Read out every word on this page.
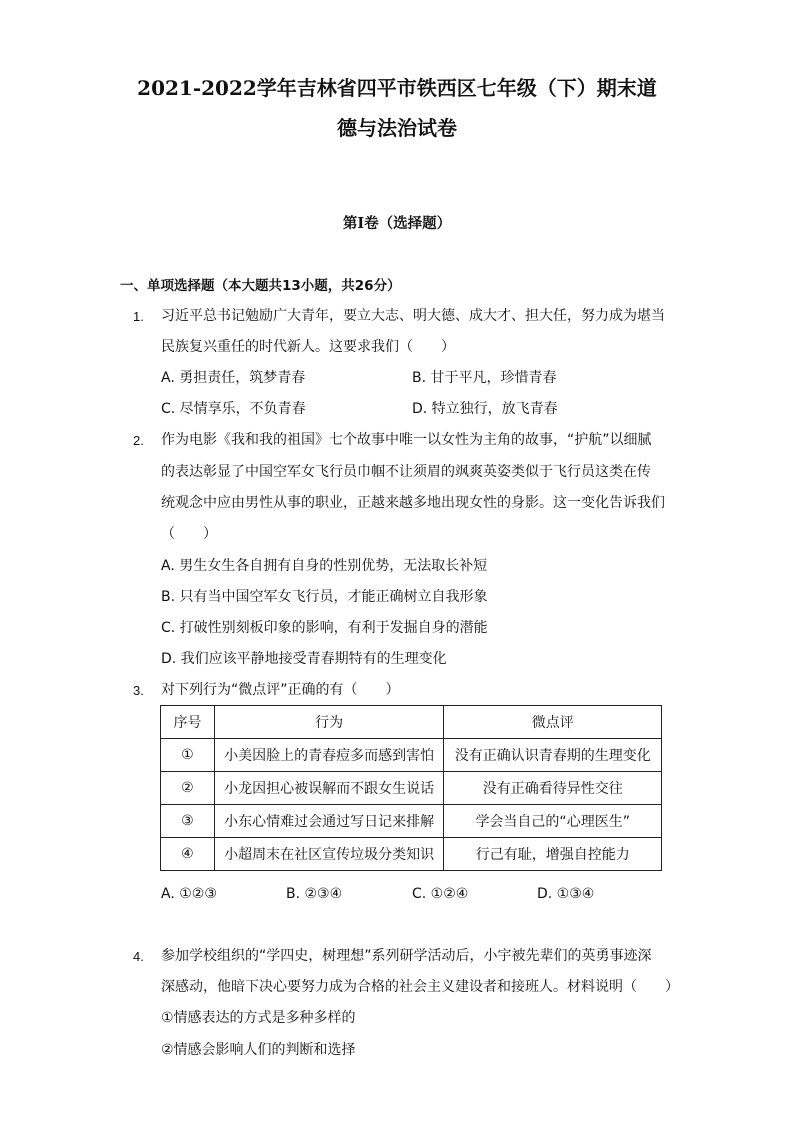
2021-2022学年吉林省四平市铁西区七年级（下）期末道
德与法治试卷
第I卷（选择题）
一、单项选择题（本大题共13小题，共26分）
1. 习近平总书记勉励广大青年，要立大志、明大德、成大才、担大任，努力成为堪当
民族复兴重任的时代新人。这要求我们（　　）
A. 勇担责任，筑梦青春	B. 甘于平凡，珍惜青春
C. 尽情享乐，不负青春	D. 特立独行，放飞青春
2. 作为电影《我和我的祖国》七个故事中唯一以女性为主角的故事，“护航”以细腻
的表达彰显了中国空军女飞行员巾帼不让须眉的飒爽英姿类似于飞行员这类在传
统观念中应由男性从事的职业，正越来越多地出现女性的身影。这一变化告诉我们
（　　）
A. 男生女生各自拥有自身的性别优势，无法取长补短
B. 只有当中国空军女飞行员，才能正确树立自我形象
C. 打破性别刻板印象的影响，有利于发掘自身的潜能
D. 我们应该平静地接受青春期特有的生理变化
3. 对下列行为“微点评”正确的有（　　）
序号	行为	微点评
①	小美因脸上的青春痘多而感到害怕	没有正确认识青春期的生理变化
②	小龙因担心被误解而不跟女生说话	没有正确看待异性交往
③	小东心情难过会通过写日记来排解	学会当自己的“心理医生”
④	小超周末在社区宣传垃圾分类知识	行己有耻，增强自控能力
A. ①②③	B. ②③④	C. ①②④	D. ①③④
4. 参加学校组织的“学四史，树理想”系列研学活动后，小宇被先辈们的英勇事迹深
深感动，他暗下决心要努力成为合格的社会主义建设者和接班人。材料说明（　　）
①情感表达的方式是多种多样的
②情感会影响人们的判断和选择
